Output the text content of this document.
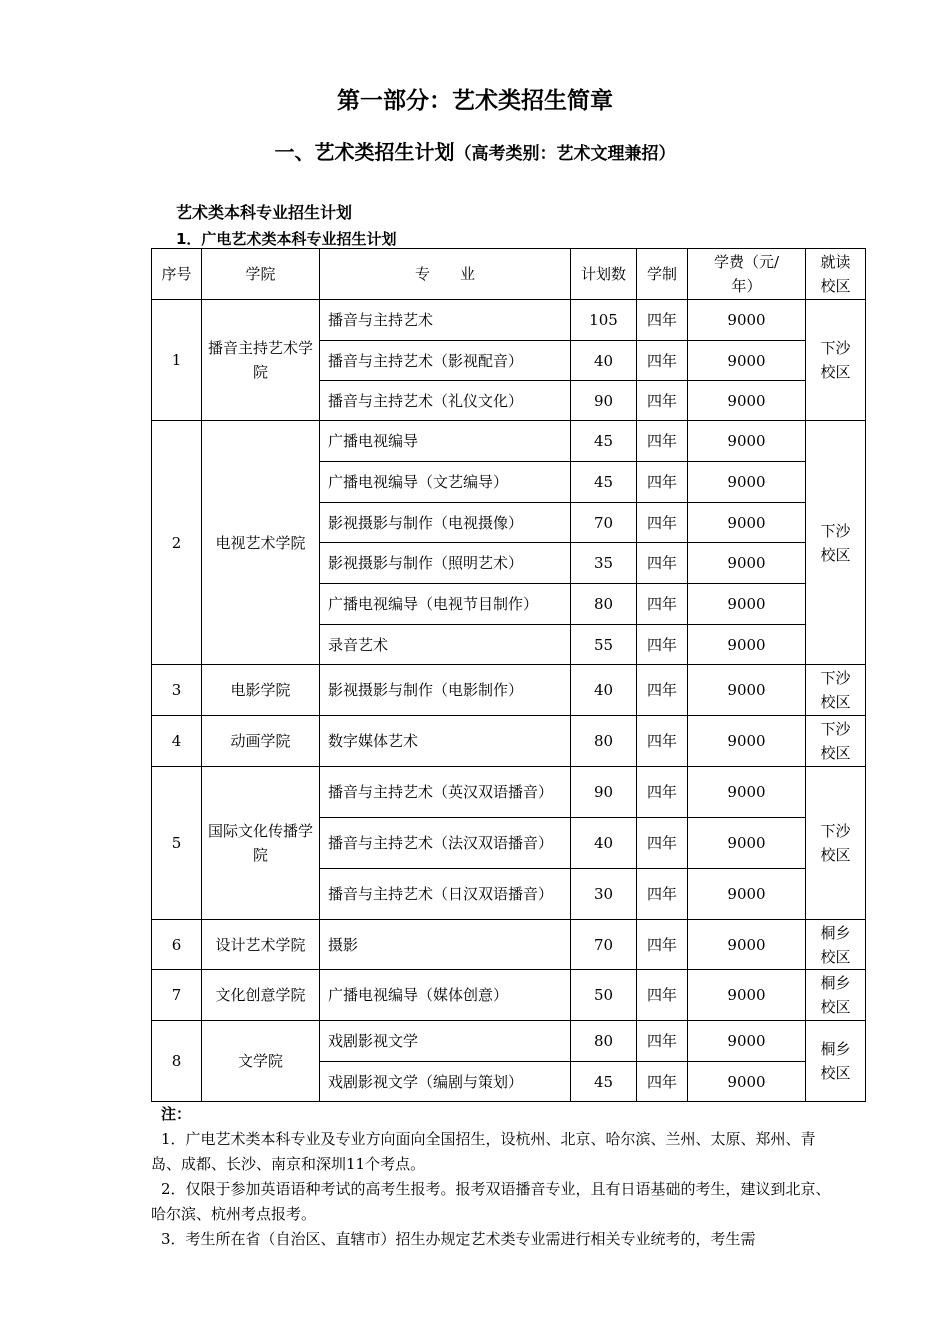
第一部分：艺术类招生简章
一、艺术类招生计划（高考类别：艺术文理兼招）
艺术类本科专业招生计划
1．广电艺术类本科专业招生计划
序号	学院	专　　业	计划数	学制	学费（元/年）	就读校区
1	播音主持艺术学院	播音与主持艺术	105	四年	9000	下沙校区
		播音与主持艺术（影视配音）	40	四年	9000	
		播音与主持艺术（礼仪文化）	90	四年	9000	
2	电视艺术学院	广播电视编导	45	四年	9000	下沙校区
		广播电视编导（文艺编导）	45	四年	9000	
		影视摄影与制作（电视摄像）	70	四年	9000	
		影视摄影与制作（照明艺术）	35	四年	9000	
		广播电视编导（电视节目制作）	80	四年	9000	
		录音艺术	55	四年	9000	
3	电影学院	影视摄影与制作（电影制作）	40	四年	9000	下沙校区
4	动画学院	数字媒体艺术	80	四年	9000	下沙校区
5	国际文化传播学院	播音与主持艺术（英汉双语播音）	90	四年	9000	下沙校区
		播音与主持艺术（法汉双语播音）	40	四年	9000	
		播音与主持艺术（日汉双语播音）	30	四年	9000	
6	设计艺术学院	摄影	70	四年	9000	桐乡校区
7	文化创意学院	广播电视编导（媒体创意）	50	四年	9000	桐乡校区
8	文学院	戏剧影视文学	80	四年	9000	桐乡校区
		戏剧影视文学（编剧与策划）	45	四年	9000	
注：

1．广电艺术类本科专业及专业方向面向全国招生，设杭州、北京、哈尔滨、兰州、太原、郑州、青岛、成都、长沙、南京和深圳11个考点。

2．仅限于参加英语语种考试的高考生报考。报考双语播音专业，且有日语基础的考生，建议到北京、哈尔滨、杭州考点报考。

3．考生所在省（自治区、直辖市）招生办规定艺术类专业需进行相关专业统考的，考生需
